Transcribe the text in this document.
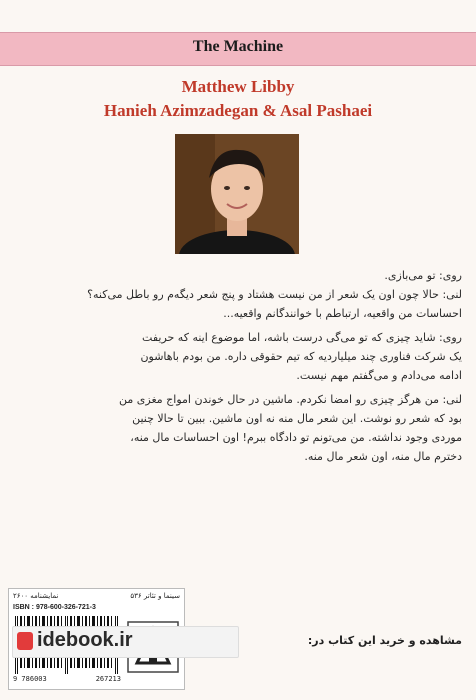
The Machine
Matthew Libby
Hanieh Azimzadegan & Asal Pashaei

روی: تو می‌بازی.
لنی: حالا چون اون یک شعر از من نیست هشتاد و پنج شعر دیگه‌م رو باطل می‌کنه؟
احساسات من واقعیه، ارتباطم با خوانندگانم واقعیه...

روی: شاید چیزی که تو می‌گی درست باشه، اما موضوع اینه که حریفت
یک شرکت فناوری چند میلیاردیه که تیم حقوقی داره. من بودم باهاشون
ادامه می‌دادم و می‌گفتم مهم نیست.

لنی: من هرگز چیزی رو امضا نکردم. ماشین در حال خوندن امواج مغزی من
بود که شعر رو نوشت. این شعر مال منه نه اون ماشین. ببین تا حالا چنین
موردی وجود نداشته. من می‌تونم تو دادگاه ببرم! اون احساسات مال منه،
دخترم مال منه، اون شعر مال منه.

سینما و تئاتر ۵۳۶
نمایشنامه ۲۶۰۰
ISBN : 978-600-326-721-3
9 786003	267213
idebook.ir	مشاهده و خرید این کتاب در:
